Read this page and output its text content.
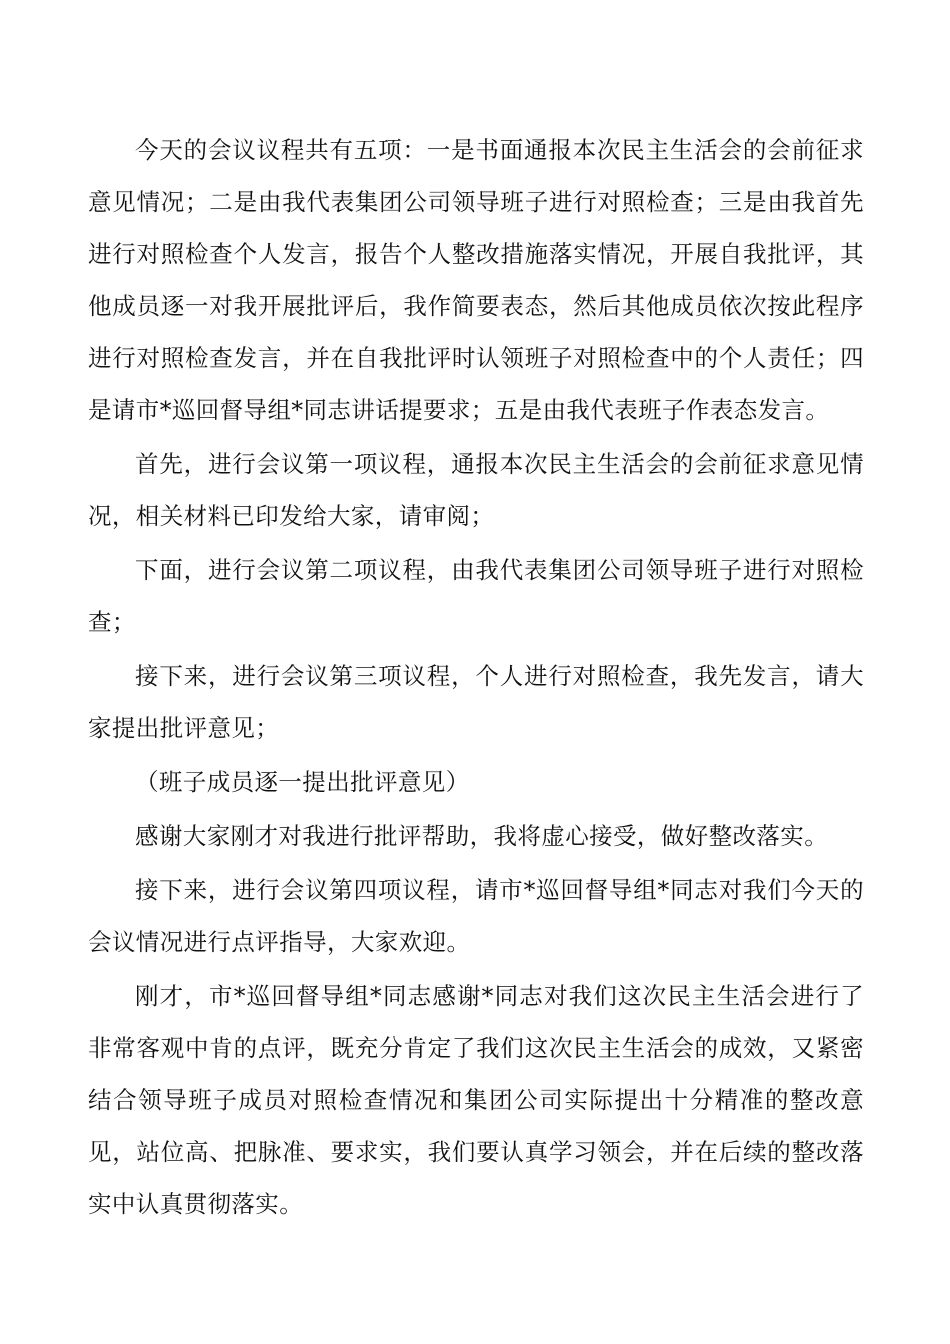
今天的会议议程共有五项：一是书面通报本次民主生活会的会前征求意见情况；二是由我代表集团公司领导班子进行对照检查；三是由我首先进行对照检查个人发言，报告个人整改措施落实情况，开展自我批评，其他成员逐一对我开展批评后，我作简要表态，然后其他成员依次按此程序进行对照检查发言，并在自我批评时认领班子对照检查中的个人责任；四是请市*巡回督导组*同志讲话提要求；五是由我代表班子作表态发言。

首先，进行会议第一项议程，通报本次民主生活会的会前征求意见情况，相关材料已印发给大家，请审阅；

下面，进行会议第二项议程，由我代表集团公司领导班子进行对照检查；

接下来，进行会议第三项议程，个人进行对照检查，我先发言，请大家提出批评意见；

（班子成员逐一提出批评意见）

感谢大家刚才对我进行批评帮助，我将虚心接受，做好整改落实。

接下来，进行会议第四项议程，请市*巡回督导组*同志对我们今天的会议情况进行点评指导，大家欢迎。

刚才，市*巡回督导组*同志感谢*同志对我们这次民主生活会进行了非常客观中肯的点评，既充分肯定了我们这次民主生活会的成效，又紧密结合领导班子成员对照检查情况和集团公司实际提出十分精准的整改意见，站位高、把脉准、要求实，我们要认真学习领会，并在后续的整改落实中认真贯彻落实。
